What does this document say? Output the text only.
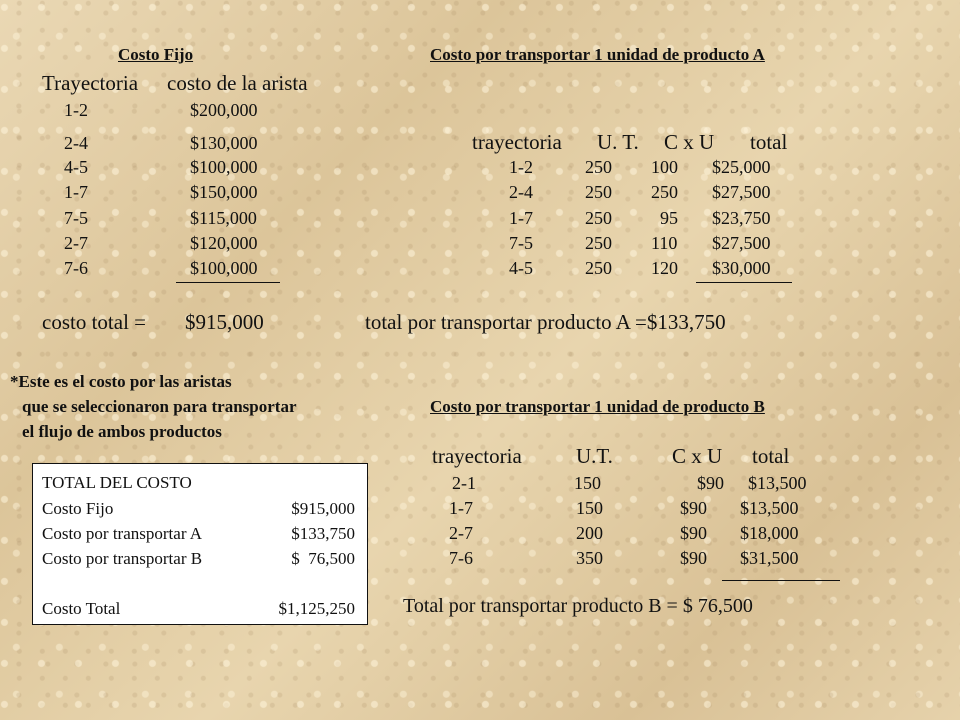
Costo Fijo
Trayectoria costo de la arista
1-2	$200,000
2-4	$130,000
4-5	$100,000
1-7	$150,000
7-5	$115,000
2-7	$120,000
7-6	$100,000
costo total = $915,000
Costo por transportar 1 unidad de producto A
trayectoria U. T. C x U total
1-2	250 100 $25,000
2-4	250 250 $27,500
1-7	250	95 $23,750
7-5	250 110 $27,500
4-5	250 120 $30,000
total por transportar producto A =$133,750
*Este es el costo por las aristas
que se seleccionaron para transportar
el flujo de ambos productos
Costo por transportar 1 unidad de producto B
trayectoria	U.T.	C x U total
2-1	150	$90 $13,500
1-7	150	$90 $13,500
2-7	200	$90 $18,000
7-6	350	$90 $31,500
Total por transportar producto B = $ 76,500
TOTAL DEL COSTO
Costo Fijo	$915,000
Costo por transportar A	$133,750
Costo por transportar B	$  76,500
Costo Total	$1,125,250
